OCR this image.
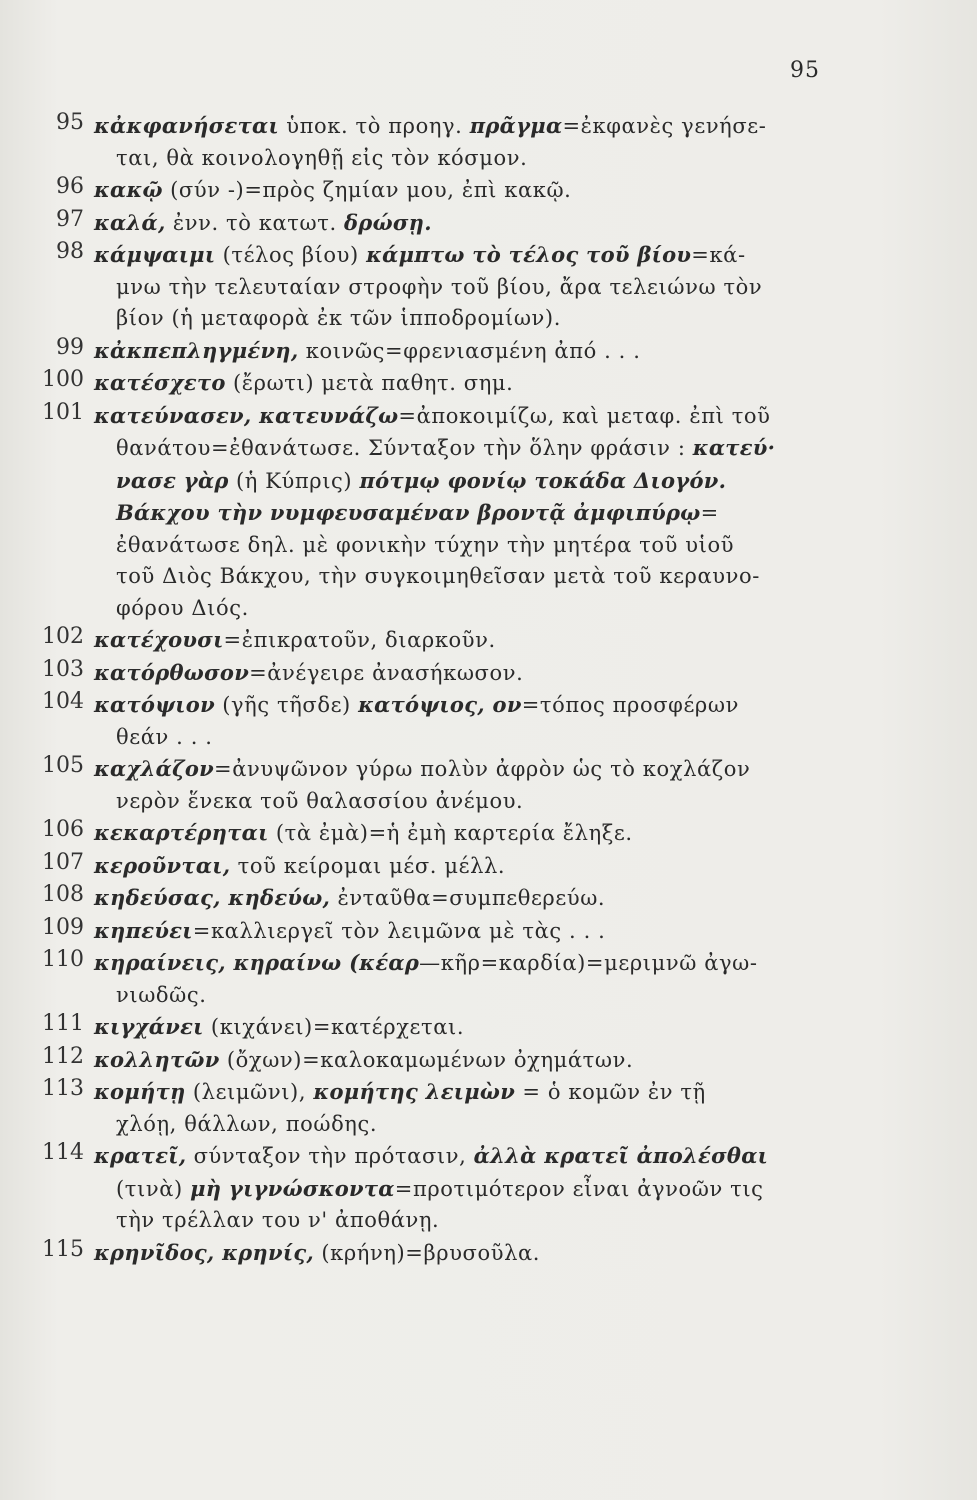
95
95 κἀκφανήσεται ὑποκ. τὸ προηγ. πρᾶγμα=ἐκφανὲς γενήσε-
ται, θὰ κοινολογηθῇ εἰς τὸν κόσμον.
96 κακῷ (σύν -)=πρὸς ζημίαν μου, ἐπὶ κακῷ.
97 καλά, ἐνν. τὸ κατωτ. δρώσῃ.
98 κάμψαιμι (τέλος βίου) κάμπτω τὸ τέλος τοῦ βίου=κά-
μνω τὴν τελευταίαν στροφὴν τοῦ βίου, ἄρα τελειώνω τὸν
βίον (ἡ μεταφορὰ ἐκ τῶν ἱπποδρομίων).
99 κἀκπεπληγμένη, κοινῶς=φρενιασμένη ἀπό . . .
100 κατέσχετο (ἔρωτι) μετὰ παθητ. σημ.
101 κατεύνασεν, κατευνάζω=ἀποκοιμίζω, καὶ μεταφ. ἐπὶ τοῦ
θανάτου=ἐθανάτωσε. Σύνταξον τὴν ὅλην φράσιν : κατεύ·
νασε γὰρ (ἡ Κύπρις) πότμῳ φονίῳ τοκάδα Διογόν.
Βάκχου τὴν νυμφευσαμέναν βροντᾷ ἀμφιπύρῳ=
ἐθανάτωσε δηλ. μὲ φονικὴν τύχην τὴν μητέρα τοῦ υἱοῦ
τοῦ Διὸς Βάκχου, τὴν συγκοιμηθεῖσαν μετὰ τοῦ κεραυνο-
φόρου Διός.
102 κατέχουσι=ἐπικρατοῦν, διαρκοῦν.
103 κατόρθωσον=ἀνέγειρε ἀνασήκωσον.
104 κατόψιον (γῆς τῆσδε) κατόψιος, ον=τόπος προσφέρων
θεάν . . .
105 καχλάζον=ἀνυψῶνον γύρω πολὺν ἀφρὸν ὡς τὸ κοχλάζον
νερὸν ἕνεκα τοῦ θαλασσίου ἀνέμου.
106 κεκαρτέρηται (τὰ ἐμὰ)=ἡ ἐμὴ καρτερία ἔληξε.
107 κεροῦνται, τοῦ κείρομαι μέσ. μέλλ.
108 κηδεύσας, κηδεύω, ἐνταῦθα=συμπεθερεύω.
109 κηπεύει=καλλιεργεῖ τὸν λειμῶνα μὲ τὰς . . .
110 κηραίνεις, κηραίνω (κέαρ—κῆρ=καρδία)=μεριμνῶ ἀγω-
νιωδῶς.
111 κιγχάνει (κιχάνει)=κατέρχεται.
112 κολλητῶν (ὄχων)=καλοκαμωμένων ὀχημάτων.
113 κομήτῃ (λειμῶνι), κομήτης λειμὼν = ὁ κομῶν ἐν τῇ
χλόῃ, θάλλων, ποώδης.
114 κρατεῖ, σύνταξον τὴν πρότασιν, ἀλλὰ κρατεῖ ἀπολέσθαι
(τινὰ) μὴ γιγνώσκοντα=προτιμότερον εἶναι ἀγνοῶν τις
τὴν τρέλλαν του ν' ἀποθάνῃ.
115 κρηνῖδος, κρηνίς, (κρήνη)=βρυσοῦλα.
